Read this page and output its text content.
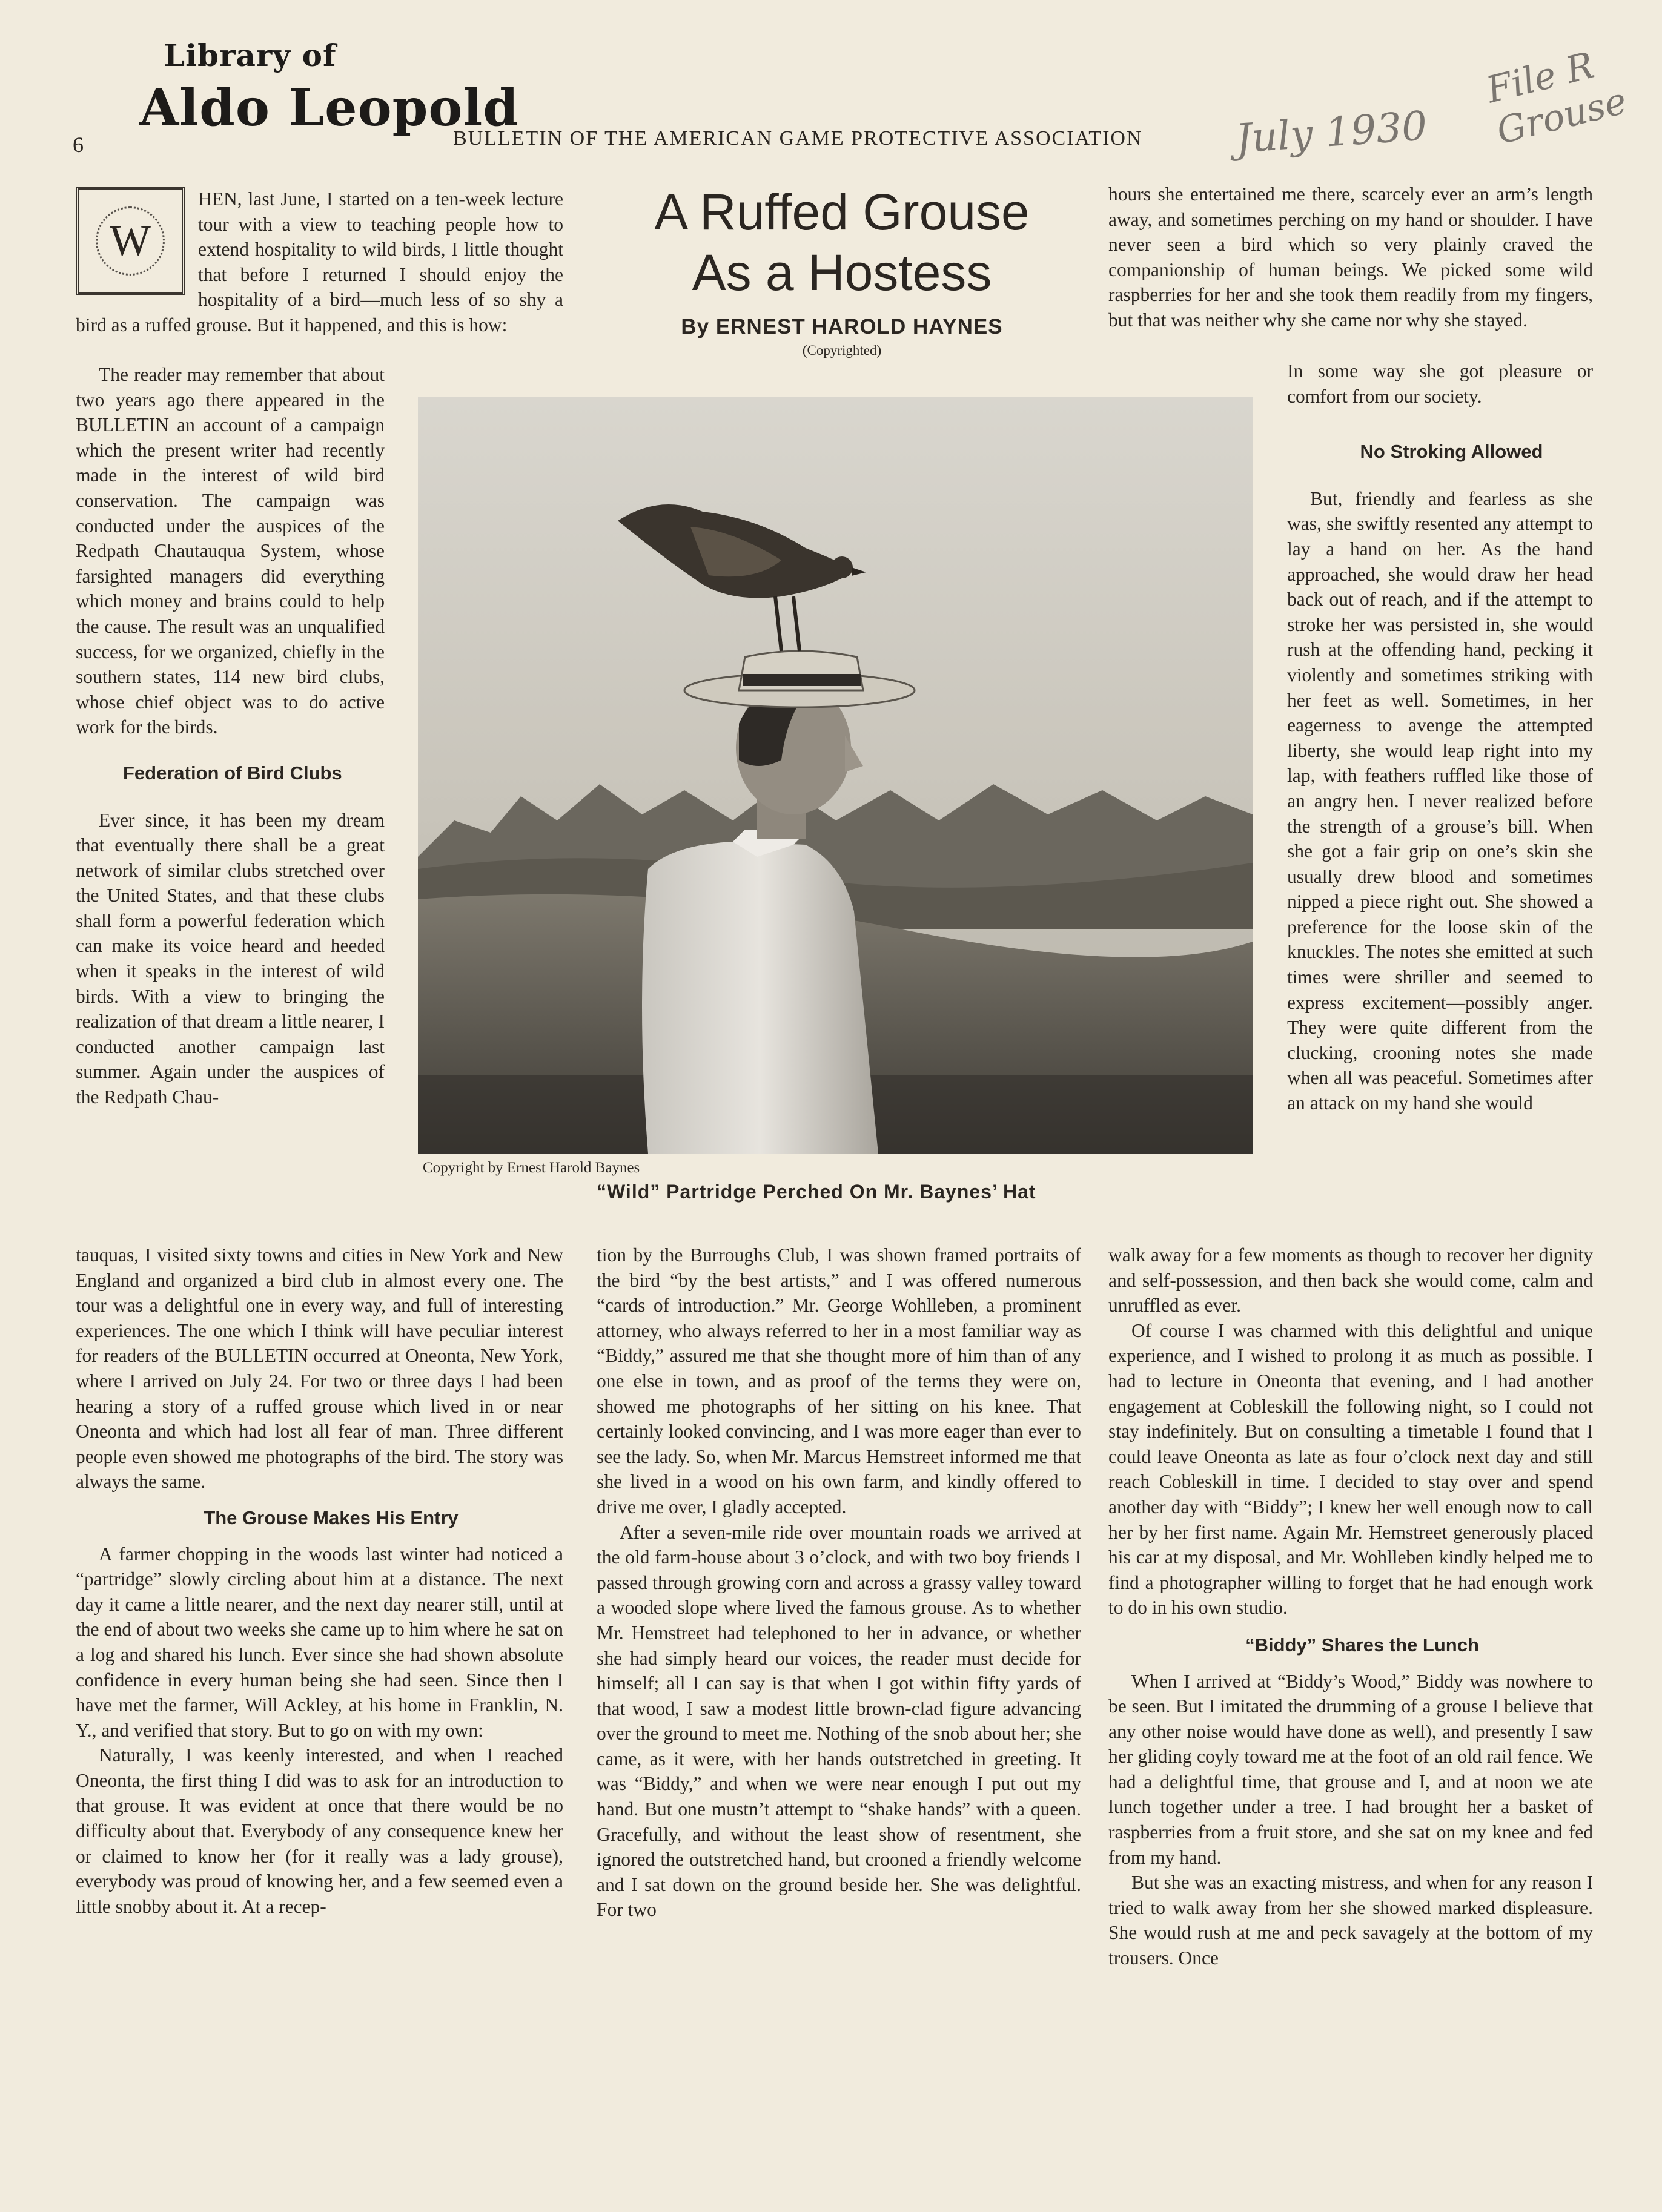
Library of
Aldo Leopold
6	BULLETIN OF THE AMERICAN GAME PROTECTIVE ASSOCIATION July 1930
File R Grouse
W

HEN, last June, I started on a ten-week lecture tour with a view to teaching people how to extend hospitality to wild birds, I little thought that before I returned I should enjoy the hospitality of a bird—much less of so shy a bird as a ruffed grouse. But it happened, and this is how:

The reader may remember that about two years ago there appeared in the BULLETIN an account of a campaign which the present writer had recently made in the interest of wild bird conservation. The campaign was conducted under the auspices of the Redpath Chautauqua System, whose farsighted managers did everything which money and brains could to help the cause. The result was an unqualified success, for we organized, chiefly in the southern states, 114 new bird clubs, whose chief object was to do active work for the birds.

Federation of Bird Clubs

Ever since, it has been my dream that eventually there shall be a great network of similar clubs stretched over the United States, and that these clubs shall form a powerful federation which can make its voice heard and heeded when it speaks in the interest of wild birds. With a view to bringing the realization of that dream a little nearer, I conducted another campaign last summer. Again under the auspices of the Redpath Chau-

tauquas, I visited sixty towns and cities in New York and New England and organized a bird club in almost every one. The tour was a delightful one in every way, and full of interesting experiences. The one which I think will have peculiar interest for readers of the BULLETIN occurred at Oneonta, New York, where I arrived on July 24. For two or three days I had been hearing a story of a ruffed grouse which lived in or near Oneonta and which had lost all fear of man. Three different people even showed me photographs of the bird. The story was always the same.

The Grouse Makes His Entry

A farmer chopping in the woods last winter had noticed a “partridge” slowly circling about him at a distance. The next day it came a little nearer, and the next day nearer still, until at the end of about two weeks she came up to him where he sat on a log and shared his lunch. Ever since she had shown absolute confidence in every human being she had seen. Since then I have met the farmer, Will Ackley, at his home in Franklin, N. Y., and verified that story. But to go on with my own:

Naturally, I was keenly interested, and when I reached Oneonta, the first thing I did was to ask for an introduction to that grouse. It was evident at once that there would be no difficulty about that. Everybody of any consequence knew her or claimed to know her (for it really was a lady grouse), everybody was proud of knowing her, and a few seemed even a little snobby about it. At a recep-

A Ruffed Grouse
As a Hostess
By ERNEST HAROLD HAYNES
(Copyrighted)
Copyright by Ernest Harold Baynes
“Wild” Partridge Perched On Mr. Baynes’ Hat

tion by the Burroughs Club, I was shown framed portraits of the bird “by the best artists,” and I was offered numerous “cards of introduction.” Mr. George Wohlleben, a prominent attorney, who always referred to her in a most familiar way as “Biddy,” assured me that she thought more of him than of any one else in town, and as proof of the terms they were on, showed me photographs of her sitting on his knee. That certainly looked convincing, and I was more eager than ever to see the lady. So, when Mr. Marcus Hemstreet informed me that she lived in a wood on his own farm, and kindly offered to drive me over, I gladly accepted.

After a seven-mile ride over mountain roads we arrived at the old farm-house about 3 o’clock, and with two boy friends I passed through growing corn and across a grassy valley toward a wooded slope where lived the famous grouse. As to whether Mr. Hemstreet had telephoned to her in advance, or whether she had simply heard our voices, the reader must decide for himself; all I can say is that when I got within fifty yards of that wood, I saw a modest little brown-clad figure advancing over the ground to meet me. Nothing of the snob about her; she came, as it were, with her hands outstretched in greeting. It was “Biddy,” and when we were near enough I put out my hand. But one mustn’t attempt to “shake hands” with a queen. Gracefully, and without the least show of resentment, she ignored the outstretched hand, but crooned a friendly welcome and I sat down on the ground beside her. She was delightful. For two

hours she entertained me there, scarcely ever an arm’s length away, and sometimes perching on my hand or shoulder. I have never seen a bird which so very plainly craved the companionship of human beings. We picked some wild raspberries for her and she took them readily from my fingers, but that was neither why she came nor why she stayed.

In some way she got pleasure or comfort from our society.

No Stroking Allowed

But, friendly and fearless as she was, she swiftly resented any attempt to lay a hand on her. As the hand approached, she would draw her head back out of reach, and if the attempt to stroke her was persisted in, she would rush at the offending hand, pecking it violently and sometimes striking with her feet as well. Sometimes, in her eagerness to avenge the attempted liberty, she would leap right into my lap, with feathers ruffled like those of an angry hen. I never realized before the strength of a grouse’s bill. When she got a fair grip on one’s skin she usually drew blood and sometimes nipped a piece right out. She showed a preference for the loose skin of the knuckles. The notes she emitted at such times were shriller and seemed to express excitement—possibly anger. They were quite different from the clucking, crooning notes she made when all was peaceful. Sometimes after an attack on my hand she would

walk away for a few moments as though to recover her dignity and self-possession, and then back she would come, calm and unruffled as ever.

Of course I was charmed with this delightful and unique experience, and I wished to prolong it as much as possible. I had to lecture in Oneonta that evening, and I had another engagement at Cobleskill the following night, so I could not stay indefinitely. But on consulting a timetable I found that I could leave Oneonta as late as four o’clock next day and still reach Cobleskill in time. I decided to stay over and spend another day with “Biddy”; I knew her well enough now to call her by her first name. Again Mr. Hemstreet generously placed his car at my disposal, and Mr. Wohlleben kindly helped me to find a photographer willing to forget that he had enough work to do in his own studio.

“Biddy” Shares the Lunch

When I arrived at “Biddy’s Wood,” Biddy was nowhere to be seen. But I imitated the drumming of a grouse I believe that any other noise would have done as well), and presently I saw her gliding coyly toward me at the foot of an old rail fence. We had a delightful time, that grouse and I, and at noon we ate lunch together under a tree. I had brought her a basket of raspberries from a fruit store, and she sat on my knee and fed from my hand.

But she was an exacting mistress, and when for any reason I tried to walk away from her she showed marked displeasure. She would rush at me and peck savagely at the bottom of my trousers. Once
